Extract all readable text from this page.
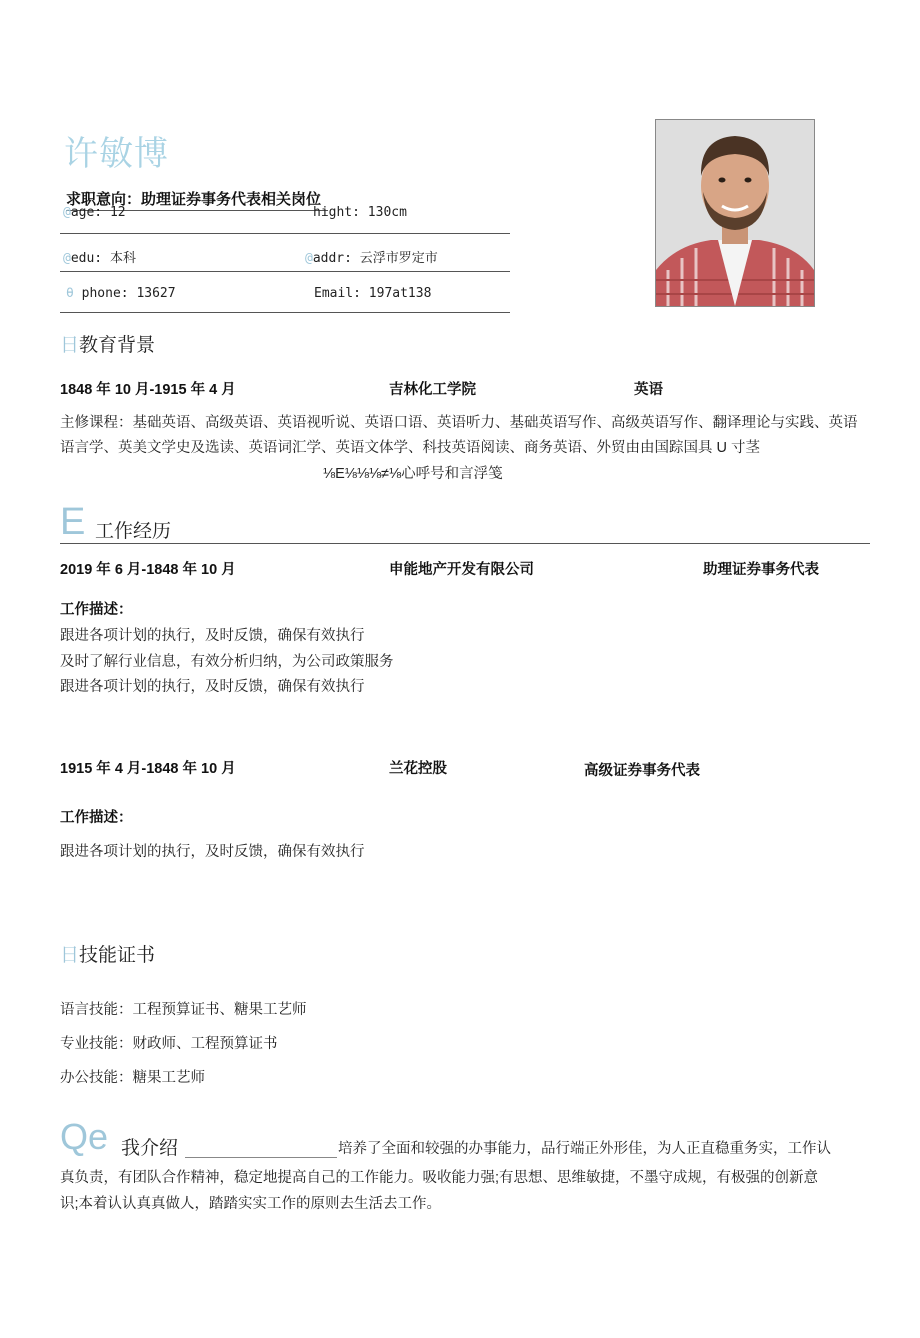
许敏博
求职意向：助理证券事务代表相关岗位
@age: 12	hight: 130cm
@edu: 本科	@addr: 云浮市罗定市
θ phone: 13627	Email: 197at138
日教育背景
1848 年 10 月-1915 年 4 月	吉林化工学院	英语
主修课程：基础英语、高级英语、英语视听说、英语口语、英语听力、基础英语写作、高级英语写作、翻译理论与实践、英语语言学、英美文学史及选读、英语词汇学、英语文体学、科技英语阅读、商务英语、外贸由由国踪国具 U 寸茎
⅛E⅛⅛⅛≠⅛心呼号和言浮笺
E 工作经历
2019 年 6 月-1848 年 10 月	申能地产开发有限公司	助理证券事务代表
工作描述：
跟进各项计划的执行，及时反馈，确保有效执行
及时了解行业信息，有效分析归纳，为公司政策服务
跟进各项计划的执行，及时反馈，确保有效执行
1915 年 4 月-1848 年 10 月	兰花控股	高级证券事务代表
工作描述：
跟进各项计划的执行，及时反馈，确保有效执行
日技能证书
语言技能：工程预算证书、糖果工艺师
专业技能：财政师、工程预算证书
办公技能：糖果工艺师
Qe 我介绍	培养了全面和较强的办事能力，品行端正外形佳，为人正直稳重务实，工作认
真负责，有团队合作精神，稳定地提高自己的工作能力。吸收能力强;有思想、思维敏捷，不墨守成规，有极强的创新意
识;本着认认真真做人，踏踏实实工作的原则去生活去工作。
